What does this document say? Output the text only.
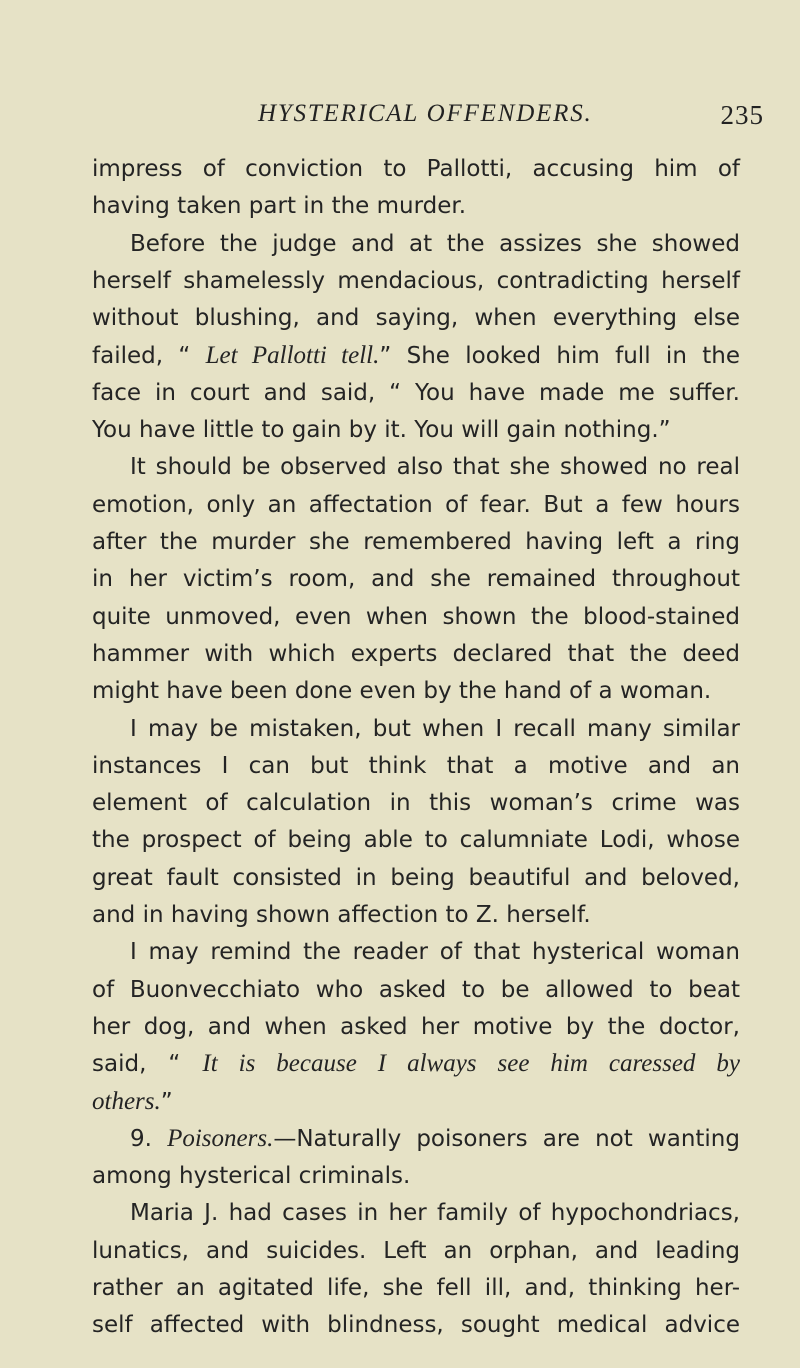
HYSTERICAL OFFENDERS.	235
impress of conviction to Pallotti, accusing him of
having taken part in the murder.
Before the judge and at the assizes she showed
herself shamelessly mendacious, contradicting herself
without blushing, and saying, when everything else
failed, “ Let Pallotti tell.” She looked him full in the
face in court and said, “ You have made me suffer.
You have little to gain by it. You will gain nothing.”
It should be observed also that she showed no real
emotion, only an affectation of fear. But a few hours
after the murder she remembered having left a ring
in her victim’s room, and she remained throughout
quite unmoved, even when shown the blood-stained
hammer with which experts declared that the deed
might have been done even by the hand of a woman.
I may be mistaken, but when I recall many similar
instances I can but think that a motive and an
element of calculation in this woman’s crime was
the prospect of being able to calumniate Lodi, whose
great fault consisted in being beautiful and beloved,
and in having shown affection to Z. herself.
I may remind the reader of that hysterical woman
of Buonvecchiato who asked to be allowed to beat
her dog, and when asked her motive by the doctor,
said, “ It is because I always see him caressed by
others.”
9. Poisoners.—Naturally poisoners are not wanting
among hysterical criminals.
Maria J. had cases in her family of hypochondriacs,
lunatics, and suicides. Left an orphan, and leading
rather an agitated life, she fell ill, and, thinking her-
self affected with blindness, sought medical advice
